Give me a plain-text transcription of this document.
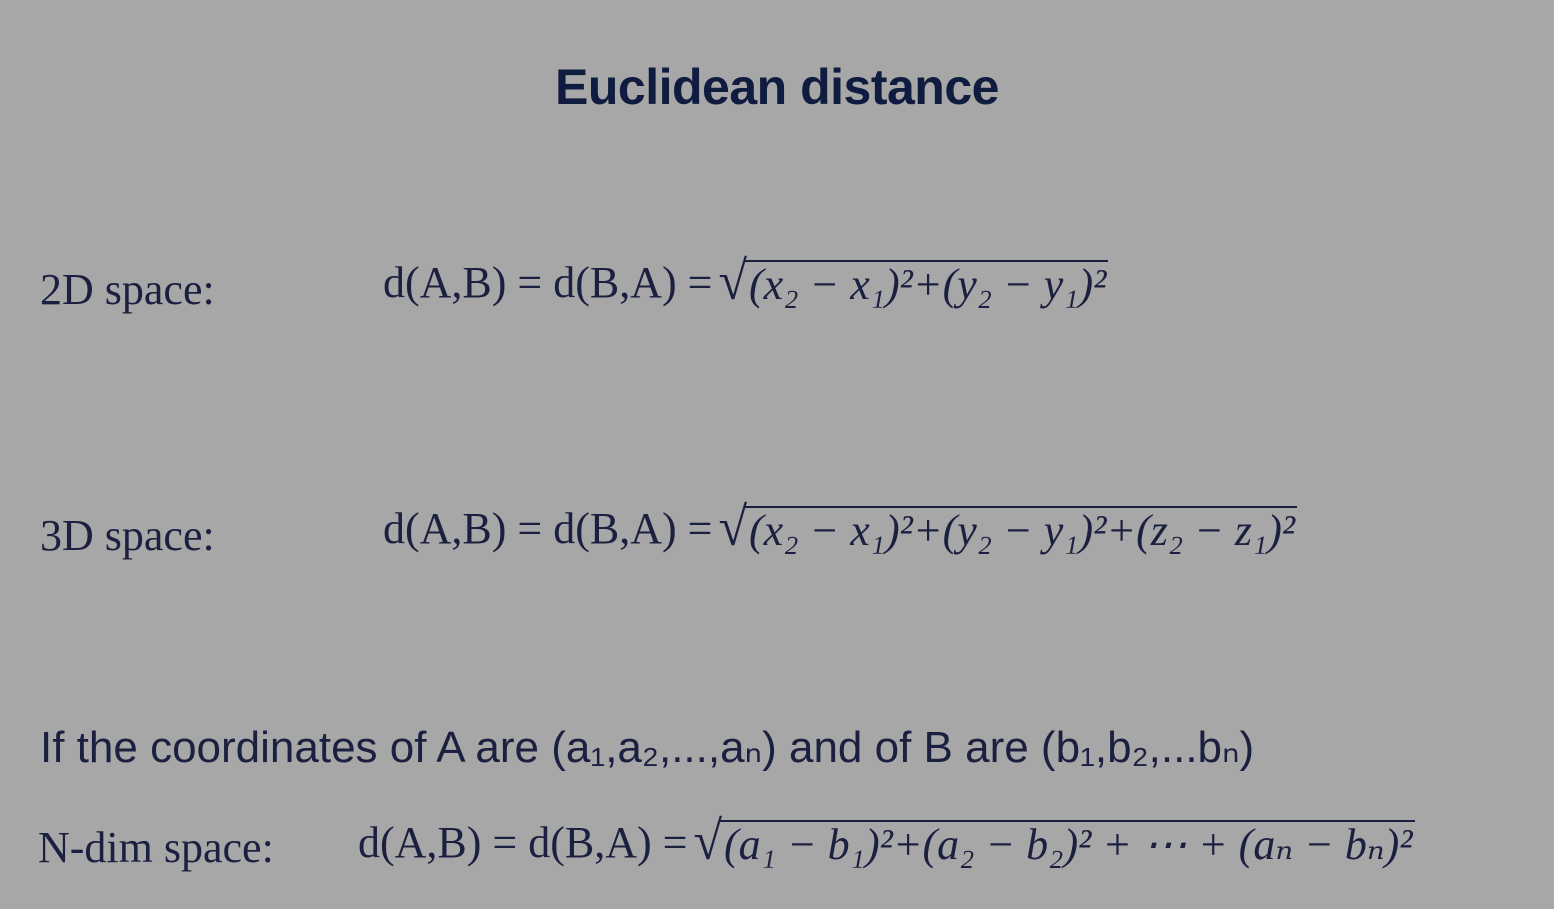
Euclidean distance
2D space:	d(A,B) = d(B,A) = √ (x₂ − x₁)²+(y₂ − y₁)²
3D space:	d(A,B) = d(B,A) = √ (x₂ − x₁)²+(y₂ − y₁)²+(z₂ − z₁)²
If the coordinates of A are (a₁,a₂,...,aₙ) and of B are (b₁,b₂,...bₙ)
N-dim space: d(A,B) = d(B,A) = √ (a₁ − b₁)²+(a₂ − b₂)² + ⋯ + (aₙ − bₙ)²
